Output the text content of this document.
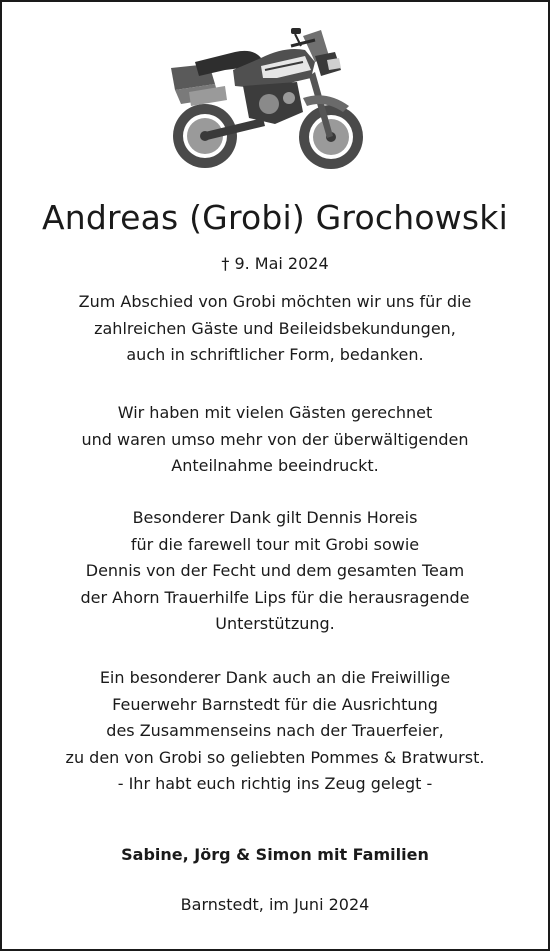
Andreas (Grobi) Grochowski
† 9. Mai 2024

Zum Abschied von Grobi möchten wir uns für die
zahlreichen Gäste und Beileidsbekundungen,
auch in schriftlicher Form, bedanken.

Wir haben mit vielen Gästen gerechnet
und waren umso mehr von der überwältigenden
Anteilnahme beeindruckt.

Besonderer Dank gilt Dennis Horeis
für die farewell tour mit Grobi sowie
Dennis von der Fecht und dem gesamten Team
der Ahorn Trauerhilfe Lips für die herausragende
Unterstützung.

Ein besonderer Dank auch an die Freiwillige
Feuerwehr Barnstedt für die Ausrichtung
des Zusammenseins nach der Trauerfeier,
zu den von Grobi so geliebten Pommes & Bratwurst.
- Ihr habt euch richtig ins Zeug gelegt -

Sabine, Jörg & Simon mit Familien
Barnstedt, im Juni 2024
